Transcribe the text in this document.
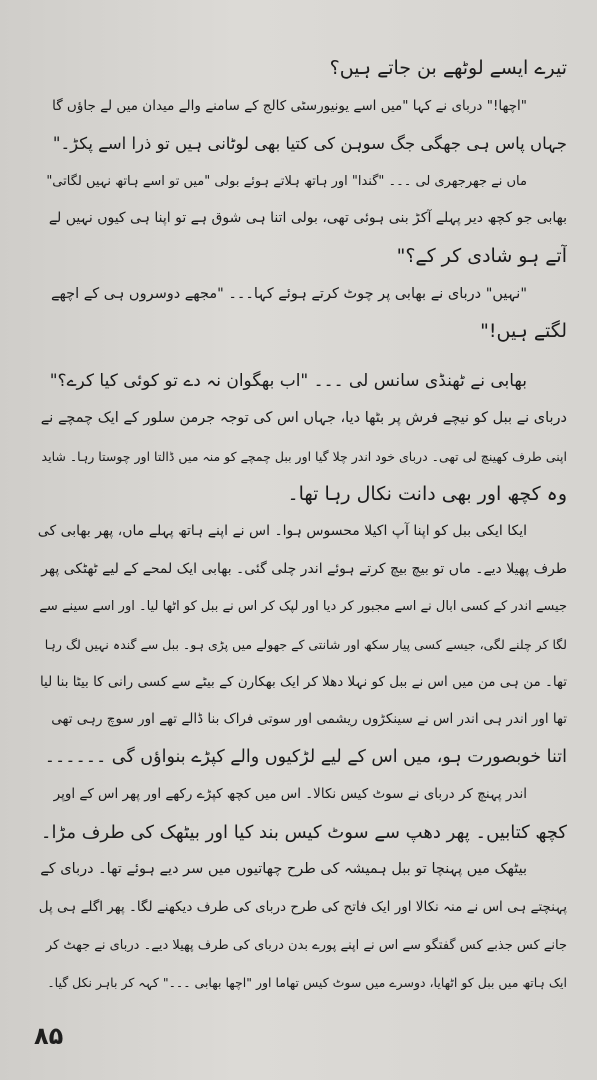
تیرے ایسے لوٹھے بن جاتے ہیں؟
"اچھا!" دربای نے کہا "میں اسے یونیورسٹی کالج کے سامنے والے میدان میں لے جاؤں گا
جہاں پاس ہی جھگی جگ سوہن کی کتیا بھی لوٹانی ہیں تو ذرا اسے پکڑ۔"
ماں نے جھرجھری لی ۔۔۔ "گندا" اور ہاتھ ہلاتے ہوئے بولی "میں تو اسے ہاتھ نہیں لگاتی"
بھابی جو کچھ دیر پہلے آکڑ بنی ہوئی تھی، بولی اتنا ہی شوق ہے تو اپنا ہی کیوں نہیں لے
آتے ہو شادی کر کے؟"
"نہیں" دربای نے بھابی پر چوٹ کرتے ہوئے کہا۔۔۔ "مجھے دوسروں ہی کے اچھے
لگتے ہیں!"
بھابی نے ٹھنڈی سانس لی ۔۔۔ "اب بھگوان نہ دے تو کوئی کیا کرے؟"
دربای نے ببل کو نیچے فرش پر بٹھا دیا، جہاں اس کی توجہ جرمن سلور کے ایک چمچے نے
اپنی طرف کھینچ لی تھی۔ دربای خود اندر چلا گیا اور ببل چمچے کو منہ میں ڈالتا اور چوستا رہا۔ شاید
وہ کچھ اور بھی دانت نکال رہا تھا۔
ایکا ایکی ببل کو اپنا آپ اکیلا محسوس ہوا۔ اس نے اپنے ہاتھ پہلے ماں، پھر بھابی کی
طرف پھیلا دیے۔ ماں تو بیچ بیچ کرتے ہوئے اندر چلی گئی۔ بھابی ایک لمحے کے لیے ٹھٹکی پھر
جیسے اندر کے کسی ابال نے اسے مجبور کر دیا اور لپک کر اس نے ببل کو اٹھا لیا۔ اور اسے سینے سے
لگا کر چلنے لگی، جیسے کسی پیار سکھ اور شانتی کے جھولے میں پڑی ہو۔ ببل سے گندہ نہیں لگ رہا
تھا۔ من ہی من میں اس نے ببل کو نہلا دھلا کر ایک بھکارن کے بیٹے سے کسی رانی کا بیٹا بنا لیا
تھا اور اندر ہی اندر اس نے سینکڑوں ریشمی اور سوتی فراک بنا ڈالے تھے اور سوچ رہی تھی
اتنا خوبصورت ہو، میں اس کے لیے لڑکیوں والے کپڑے بنواؤں گی ۔۔۔۔۔۔
اندر پہنچ کر دربای نے سوٹ کیس نکالا۔ اس میں کچھ کپڑے رکھے اور پھر اس کے اوپر
کچھ کتابیں۔ پھر دھپ سے سوٹ کیس بند کیا اور بیٹھک کی طرف مڑا۔
بیٹھک میں پہنچا تو ببل ہمیشہ کی طرح چھاتیوں میں سر دیے ہوئے تھا۔ دربای کے
پہنچتے ہی اس نے منہ نکالا اور ایک فاتح کی طرح دربای کی طرف دیکھنے لگا۔ پھر اگلے ہی پل
جانے کس جذبے کس گفتگو سے اس نے اپنے پورے بدن دربای کی طرف پھیلا دیے۔ دربای نے جھٹ کر
ایک ہاتھ میں ببل کو اٹھایا، دوسرے میں سوٹ کیس تھاما اور "اچھا بھابی ۔۔۔" کہہ کر باہر نکل گیا۔
۸۵
